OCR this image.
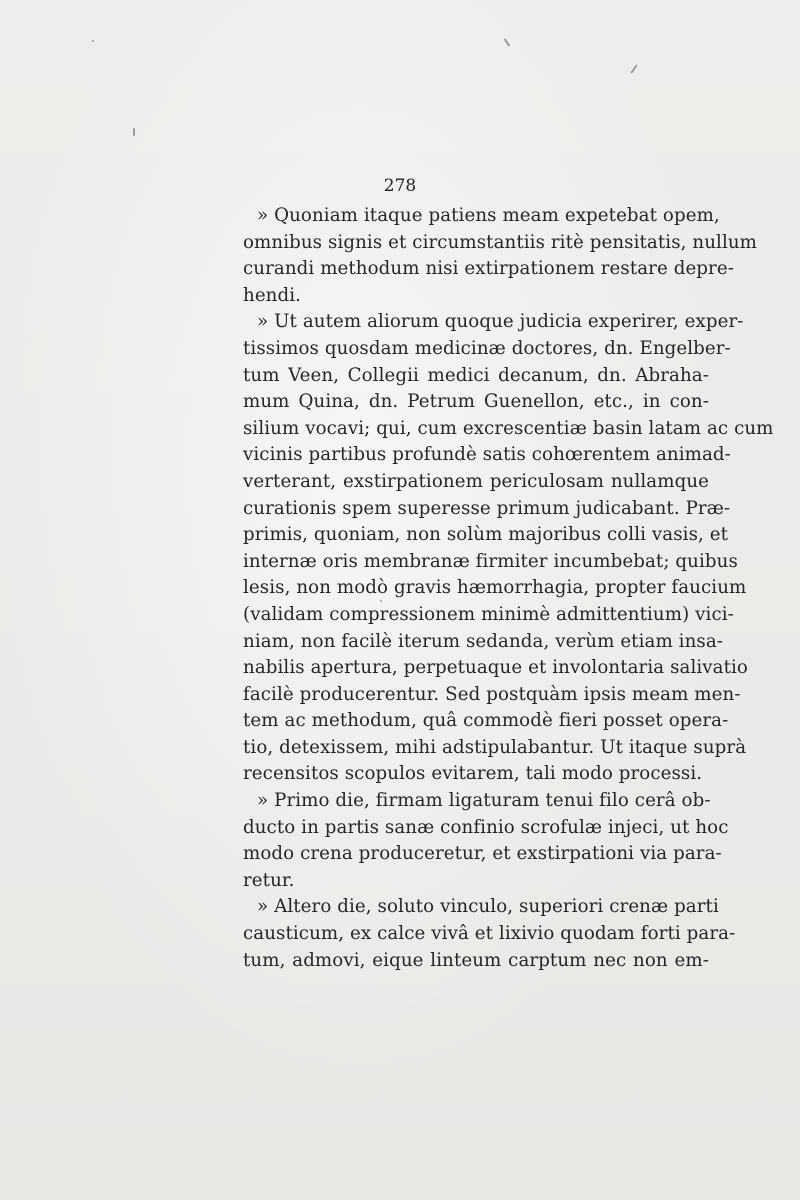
278

» Quoniam itaque patiens meam expetebat opem,
omnibus signis et circumstantiis ritè pensitatis, nullum
curandi methodum nisi extirpationem restare depre-
hendi.

» Ut autem aliorum quoque judicia experirer, exper-
tissimos quosdam medicinæ doctores, dn. Engelber-
tum Veen, Collegii medici decanum, dn. Abraha-
mum Quina, dn. Petrum Guenellon, etc., in con-
silium vocavi; qui, cum excrescentiæ basin latam ac cum
vicinis partibus profundè satis cohœrentem animad-
verterant, exstirpationem periculosam nullamque
curationis spem superesse primum judicabant. Præ-
primis, quoniam, non solùm majoribus colli vasis, et
internæ oris membranæ firmiter incumbebat; quibus
lesis, non modò gravis hæmorrhagia, propter faucium
(validam compressionem minimè admittentium) vici-
niam, non facilè iterum sedanda, verùm etiam insa-
nabilis apertura, perpetuaque et involontaria salivatio
facilè producerentur. Sed postquàm ipsis meam men-
tem ac methodum, quâ commodè fieri posset opera-
tio, detexissem, mihi adstipulabantur. Ut itaque suprà
recensitos scopulos evitarem, tali modo processi.

» Primo die, firmam ligaturam tenui filo cerâ ob-
ducto in partis sanæ confinio scrofulæ injeci, ut hoc
modo crena produceretur, et exstirpationi via para-
retur.

» Altero die, soluto vinculo, superiori crenæ parti
causticum, ex calce vivâ et lixivio quodam forti para-
tum, admovi, eique linteum carptum nec non em-
